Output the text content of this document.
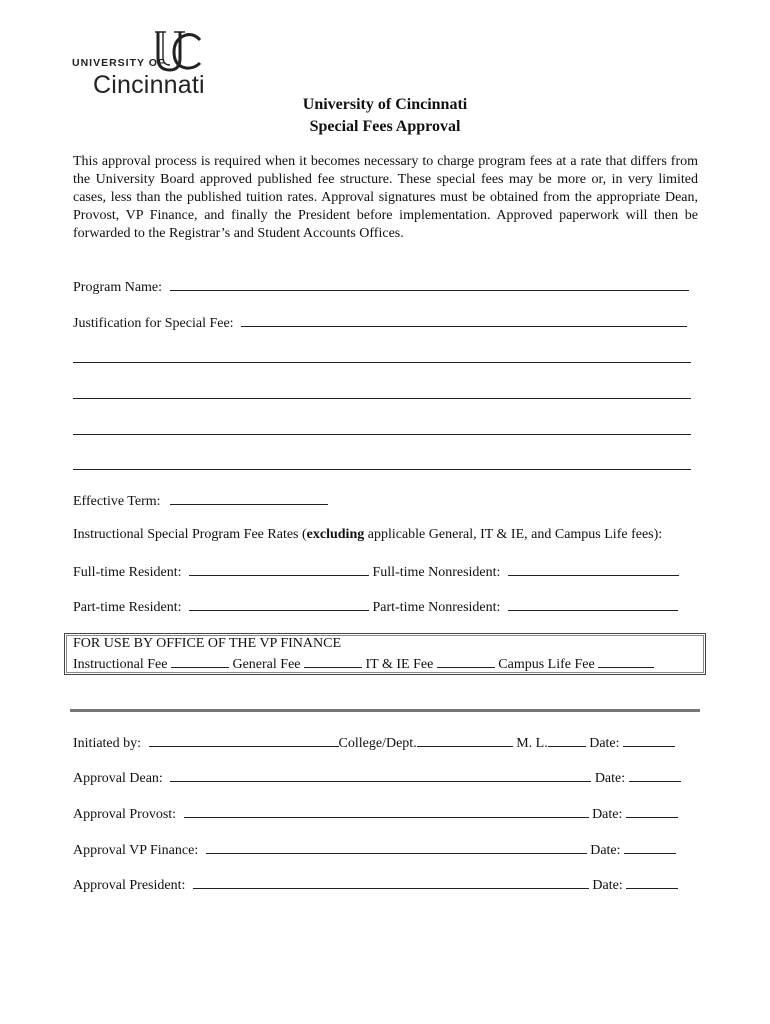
UNIVERSITY OF
Cincinnati
University of Cincinnati
Special Fees Approval
This approval process is required when it becomes necessary to charge program fees at a rate that differs from the University Board approved published fee structure. These special fees may be more or, in very limited cases, less than the published tuition rates. Approval signatures must be obtained from the appropriate Dean, Provost, VP Finance, and finally the President before implementation. Approved paperwork will then be forwarded to the Registrar’s and Student Accounts Offices.
Program Name:
Justification for Special Fee:
Effective Term:
Instructional Special Program Fee Rates (excluding applicable General, IT & IE, and Campus Life fees):
Full-time Resident:	Full-time Nonresident:
Part-time Resident:	Part-time Nonresident:
FOR USE BY OFFICE OF THE VP FINANCE
Instructional Fee	General Fee	IT & IE Fee	Campus Life Fee
Initiated by:	College/Dept.	M. L.	Date:
Approval Dean:	Date:
Approval Provost:	Date:
Approval VP Finance:	Date:
Approval President:	Date:
